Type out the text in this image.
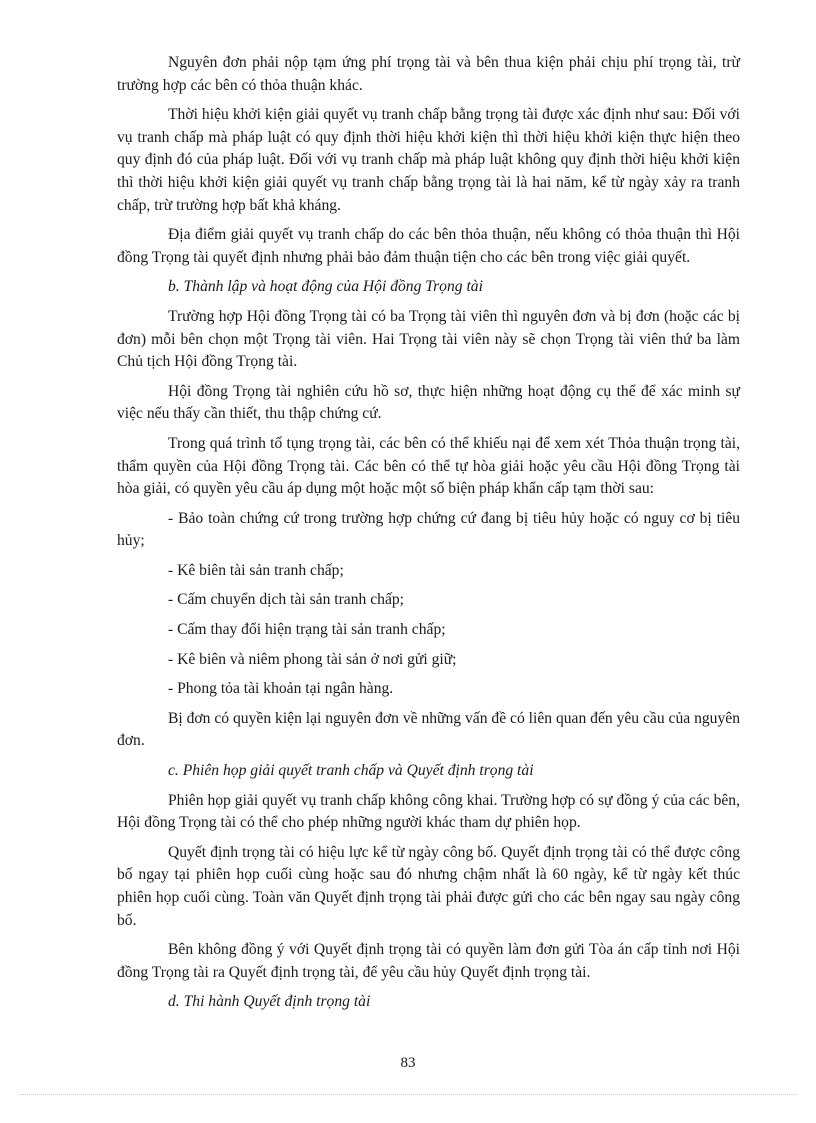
Nguyên đơn phải nộp tạm ứng phí trọng tài và bên thua kiện phải chịu phí trọng tài, trừ trường hợp các bên có thỏa thuận khác.

Thời hiệu khởi kiện giải quyết vụ tranh chấp bằng trọng tài được xác định như sau: Đối với vụ tranh chấp mà pháp luật có quy định thời hiệu khởi kiện thì thời hiệu khởi kiện thực hiện theo quy định đó của pháp luật. Đối với vụ tranh chấp mà pháp luật không quy định thời hiệu khởi kiện thì thời hiệu khởi kiện giải quyết vụ tranh chấp bằng trọng tài là hai năm, kể từ ngày xảy ra tranh chấp, trừ trường hợp bất khả kháng.

Địa điểm giải quyết vụ tranh chấp do các bên thỏa thuận, nếu không có thỏa thuận thì Hội đồng Trọng tài quyết định nhưng phải bảo đảm thuận tiện cho các bên trong việc giải quyết.

b. Thành lập và hoạt động của Hội đồng Trọng tài

Trường hợp Hội đồng Trọng tài có ba Trọng tài viên thì nguyên đơn và bị đơn (hoặc các bị đơn) mỗi bên chọn một Trọng tài viên. Hai Trọng tài viên này sẽ chọn Trọng tài viên thứ ba làm Chủ tịch Hội đồng Trọng tài.

Hội đồng Trọng tài nghiên cứu hồ sơ, thực hiện những hoạt động cụ thể để xác minh sự việc nếu thấy cần thiết, thu thập chứng cứ.

Trong quá trình tố tụng trọng tài, các bên có thể khiếu nại để xem xét Thỏa thuận trọng tài, thẩm quyền của Hội đồng Trọng tài. Các bên có thể tự hòa giải hoặc yêu cầu Hội đồng Trọng tài hòa giải, có quyền yêu cầu áp dụng một hoặc một số biện pháp khẩn cấp tạm thời sau:

- Bảo toàn chứng cứ trong trường hợp chứng cứ đang bị tiêu hủy hoặc có nguy cơ bị tiêu hủy;

- Kê biên tài sản tranh chấp;

- Cấm chuyển dịch tài sản tranh chấp;

- Cấm thay đổi hiện trạng tài sản tranh chấp;

- Kê biên và niêm phong tài sản ở nơi gửi giữ;

- Phong tỏa tài khoản tại ngân hàng.

Bị đơn có quyền kiện lại nguyên đơn về những vấn đề có liên quan đến yêu cầu của nguyên đơn.

c. Phiên họp giải quyết tranh chấp và Quyết định trọng tài

Phiên họp giải quyết vụ tranh chấp không công khai. Trường hợp có sự đồng ý của các bên, Hội đồng Trọng tài có thể cho phép những người khác tham dự phiên họp.

Quyết định trọng tài có hiệu lực kể từ ngày công bố. Quyết định trọng tài có thể được công bố ngay tại phiên họp cuối cùng hoặc sau đó nhưng chậm nhất là 60 ngày, kể từ ngày kết thúc phiên họp cuối cùng. Toàn văn Quyết định trọng tài phải được gửi cho các bên ngay sau ngày công bố.

Bên không đồng ý với Quyết định trọng tài có quyền làm đơn gửi Tòa án cấp tỉnh nơi Hội đồng Trọng tài ra Quyết định trọng tài, để yêu cầu hủy Quyết định trọng tài.

d. Thi hành Quyết định trọng tài

83
